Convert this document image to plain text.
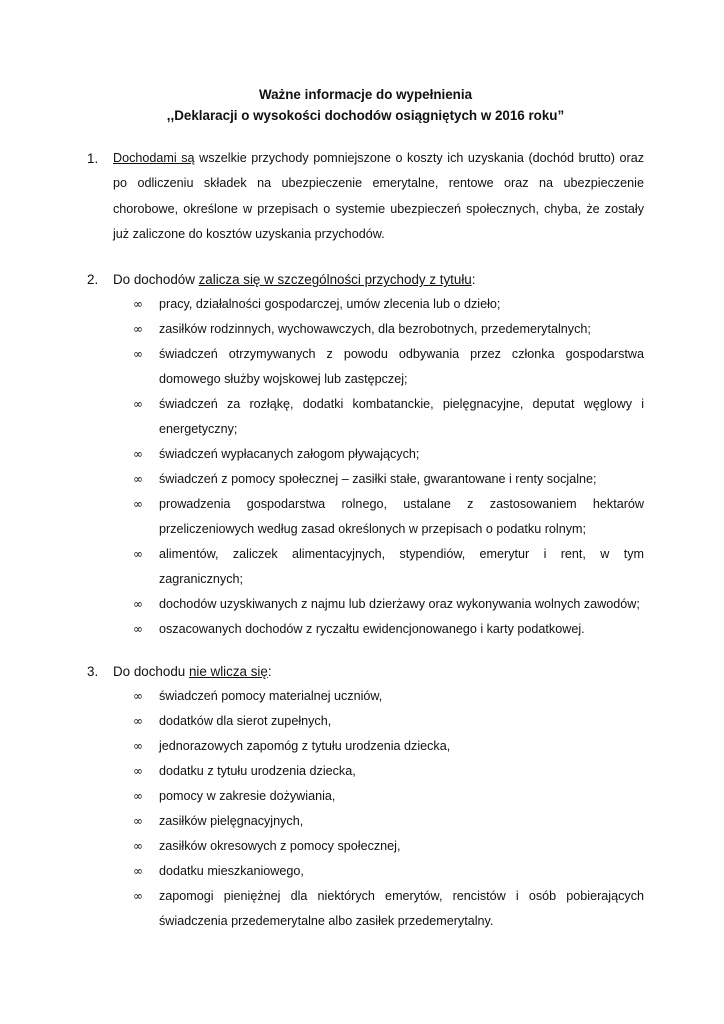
Ważne informacje do wypełnienia
,,Deklaracji o wysokości dochodów osiągniętych w 2016 roku”
1. Dochodami są wszelkie przychody pomniejszone o koszty ich uzyskania (dochód brutto) oraz po odliczeniu składek na ubezpieczenie emerytalne, rentowe oraz na ubezpieczenie chorobowe, określone w przepisach o systemie ubezpieczeń społecznych, chyba, że zostały już zaliczone do kosztów uzyskania przychodów.

2. Do dochodów zalicza się w szczególności przychody z tytułu:
∞ pracy, działalności gospodarczej, umów zlecenia lub o dzieło;
∞ zasiłków rodzinnych, wychowawczych, dla bezrobotnych, przedemerytalnych;
∞ świadczeń otrzymywanych z powodu odbywania przez członka gospodarstwa domowego służby wojskowej lub zastępczej;
∞ świadczeń za rozłąkę, dodatki kombatanckie, pielęgnacyjne, deputat węglowy i energetyczny;
∞ świadczeń wypłacanych załogom pływających;
∞ świadczeń z pomocy społecznej – zasiłki stałe, gwarantowane i renty socjalne;
∞ prowadzenia gospodarstwa rolnego, ustalane z zastosowaniem hektarów przeliczeniowych według zasad określonych w przepisach o podatku rolnym;
∞ alimentów, zaliczek alimentacyjnych, stypendiów, emerytur i rent, w tym zagranicznych;
∞ dochodów uzyskiwanych z najmu lub dzierżawy oraz wykonywania wolnych zawodów;
∞ oszacowanych dochodów z ryczałtu ewidencjonowanego i karty podatkowej.
3. Do dochodu nie wlicza się:
∞ świadczeń pomocy materialnej uczniów,
∞ dodatków dla sierot zupełnych,
∞ jednorazowych zapomóg z tytułu urodzenia dziecka,
∞ dodatku z tytułu urodzenia dziecka,
∞ pomocy w zakresie dożywiania,
∞ zasiłków pielęgnacyjnych,
∞ zasiłków okresowych z pomocy społecznej,
∞ dodatku mieszkaniowego,
∞ zapomogi pieniężnej dla niektórych emerytów, rencistów i osób pobierających świadczenia przedemerytalne albo zasiłek przedemerytalny.
